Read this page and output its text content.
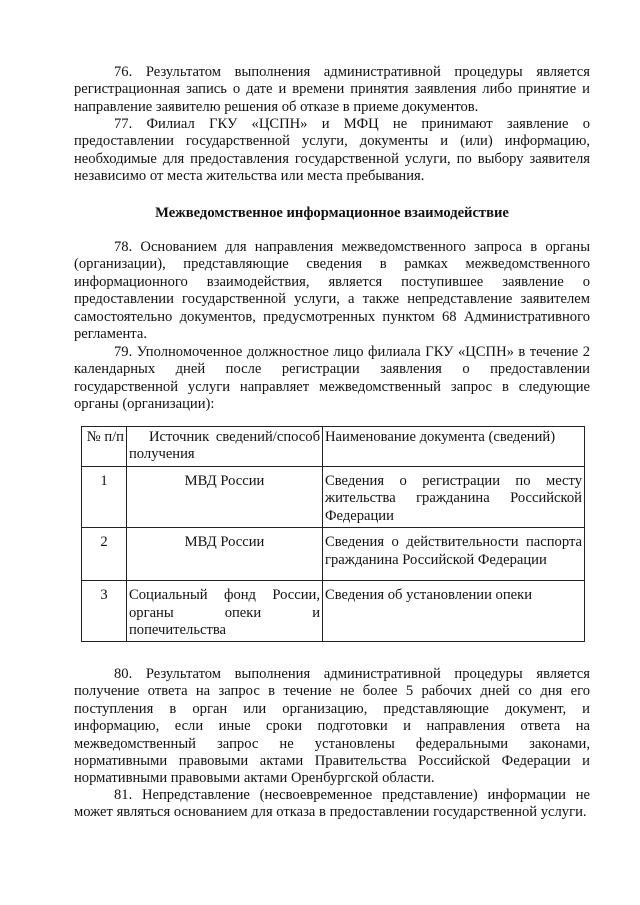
76. Результатом выполнения административной процедуры является регистрационная запись о дате и времени принятия заявления либо принятие и направление заявителю решения об отказе в приеме документов.

77. Филиал ГКУ «ЦСПН» и МФЦ не принимают заявление о предоставлении государственной услуги, документы и (или) информацию, необходимые для предоставления государственной услуги, по выбору заявителя независимо от места жительства или места пребывания.

Межведомственное информационное взаимодействие

78. Основанием для направления межведомственного запроса в органы (организации), представляющие сведения в рамках межведомственного информационного взаимодействия, является поступившее заявление о предоставлении государственной услуги, а также непредставление заявителем самостоятельно документов, предусмотренных пунктом 68 Административного регламента.

79. Уполномоченное должностное лицо филиала ГКУ «ЦСПН» в течение 2 календарных дней после регистрации заявления о предоставлении государственной услуги направляет межведомственный запрос в следующие органы (организации):

№ п/п	Источник сведений/способ получения	Наименование документа (сведений)
1	МВД России	Сведения о регистрации по месту жительства гражданина Российской Федерации
2	МВД России	Сведения о действительности паспорта гражданина Российской Федерации
3	Социальный фонд России, органы опеки и попечительства	Сведения об установлении опеки

80. Результатом выполнения административной процедуры является получение ответа на запрос в течение не более 5 рабочих дней со дня его поступления в орган или организацию, представляющие документ, и информацию, если иные сроки подготовки и направления ответа на межведомственный запрос не установлены федеральными законами, нормативными правовыми актами Правительства Российской Федерации и нормативными правовыми актами Оренбургской области.

81. Непредставление (несвоевременное представление) информации не может являться основанием для отказа в предоставлении государственной услуги.
